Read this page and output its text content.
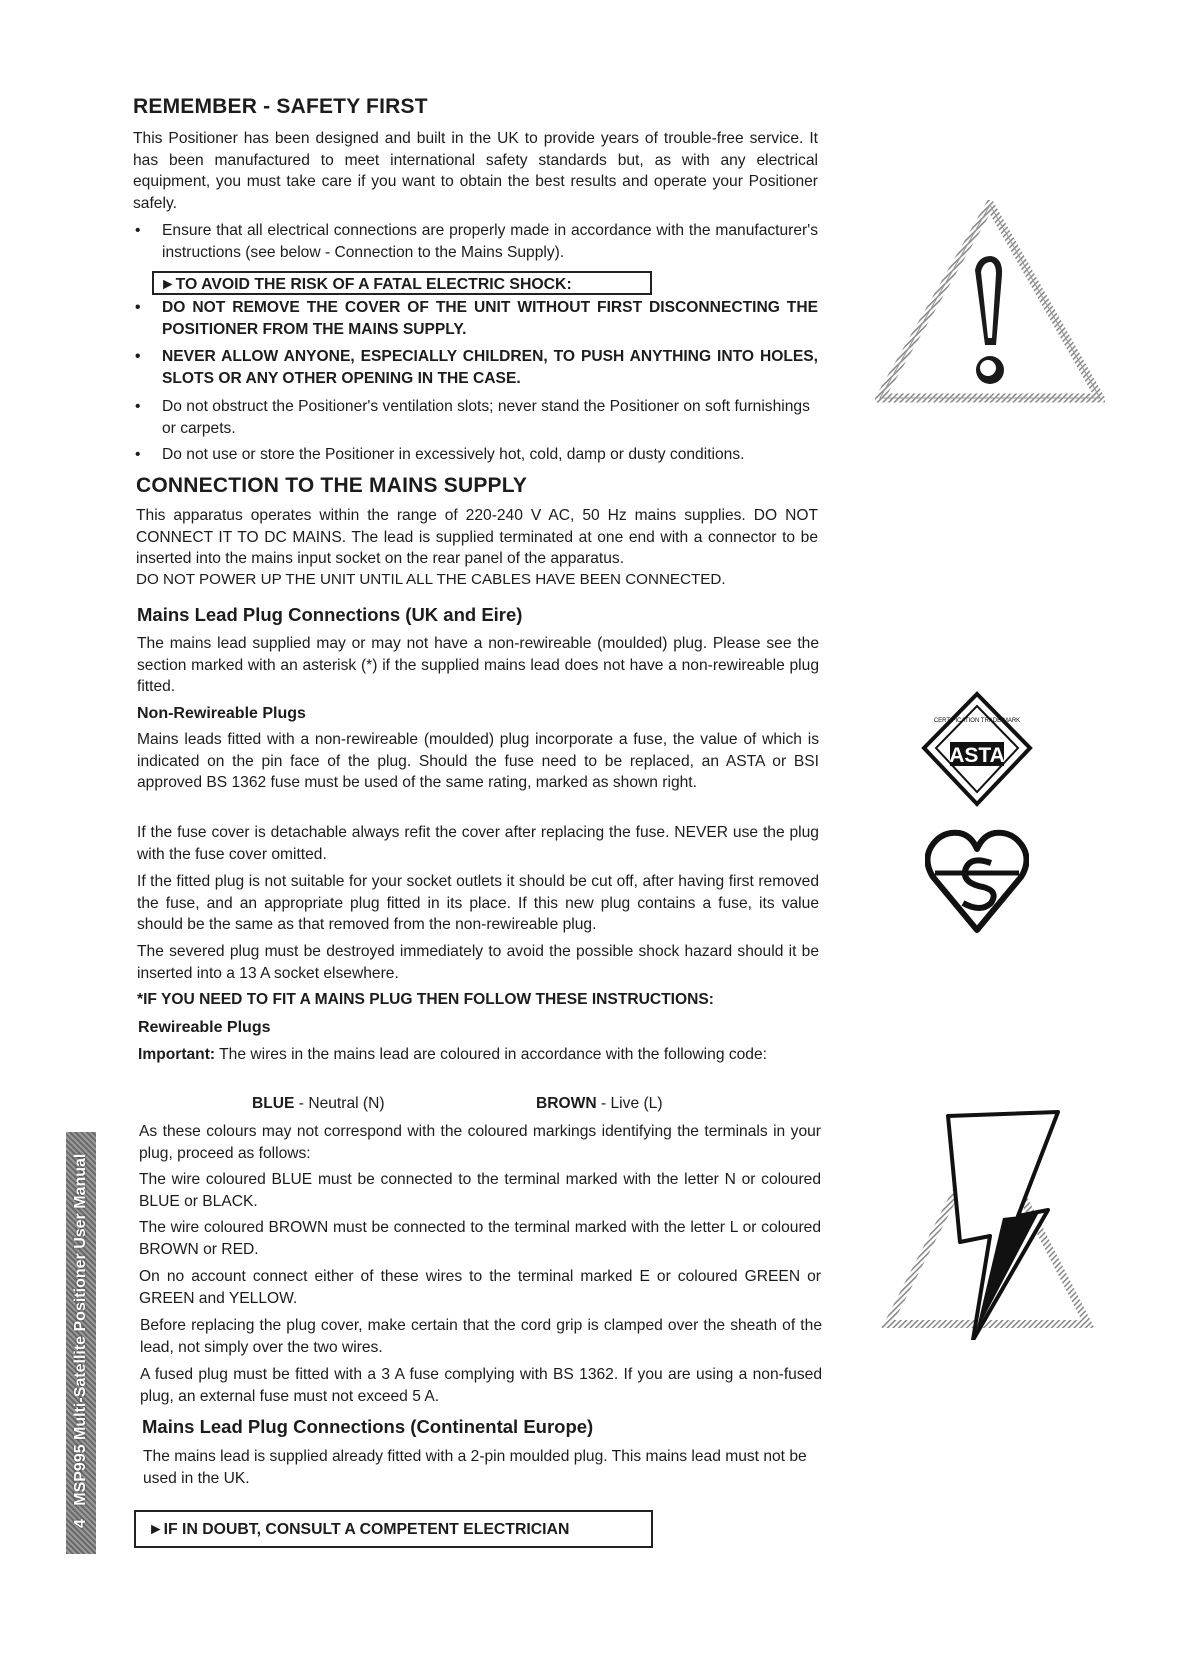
4   MSP995 Multi-Satellite Positioner User Manual
REMEMBER - SAFETY FIRST

This Positioner has been designed and built in the UK to provide years of trouble-free service. It has been manufactured to meet international safety standards but, as with any electrical equipment, you must take care if you want to obtain the best results and operate your Positioner safely.

• Ensure that all electrical connections are properly made in accordance with the manufacturer's instructions (see below - Connection to the Mains Supply).
►TO AVOID THE RISK OF A FATAL ELECTRIC SHOCK:
• DO NOT REMOVE THE COVER OF THE UNIT WITHOUT FIRST DISCONNECTING THE POSITIONER FROM THE MAINS SUPPLY.
• NEVER ALLOW ANYONE, ESPECIALLY CHILDREN, TO PUSH ANYTHING INTO HOLES, SLOTS OR ANY OTHER OPENING IN THE CASE.
• Do not obstruct the Positioner's ventilation slots; never stand the Positioner on soft furnishings or carpets.
• Do not use or store the Positioner in excessively hot, cold, damp or dusty conditions.
CONNECTION TO THE MAINS SUPPLY

This apparatus operates within the range of 220-240 V AC, 50 Hz mains supplies. DO NOT CONNECT IT TO DC MAINS. The lead is supplied terminated at one end with a connector to be inserted into the mains input socket on the rear panel of the apparatus.

DO NOT POWER UP THE UNIT UNTIL ALL THE CABLES HAVE BEEN CONNECTED.

Mains Lead Plug Connections (UK and Eire)

The mains lead supplied may or may not have a non-rewireable (moulded) plug. Please see the section marked with an asterisk (*) if the supplied mains lead does not have a non-rewireable plug fitted.

Non-Rewireable Plugs

Mains leads fitted with a non-rewireable (moulded) plug incorporate a fuse, the value of which is indicated on the pin face of the plug. Should the fuse need to be replaced, an ASTA or BSI approved BS 1362 fuse must be used of the same rating, marked as shown right.

If the fuse cover is detachable always refit the cover after replacing the fuse. NEVER use the plug with the fuse cover omitted.

If the fitted plug is not suitable for your socket outlets it should be cut off, after having first removed the fuse, and an appropriate plug fitted in its place. If this new plug contains a fuse, its value should be the same as that removed from the non-rewireable plug.

The severed plug must be destroyed immediately to avoid the possible shock hazard should it be inserted into a 13 A socket elsewhere.

*IF YOU NEED TO FIT A MAINS PLUG THEN FOLLOW THESE INSTRUCTIONS:
Rewireable Plugs

Important: The wires in the mains lead are coloured in accordance with the following code:

BLUE - Neutral (N)	BROWN - Live (L)

As these colours may not correspond with the coloured markings identifying the terminals in your plug, proceed as follows:

The wire coloured BLUE must be connected to the terminal marked with the letter N or coloured BLUE or BLACK.

The wire coloured BROWN must be connected to the terminal marked with the letter L or coloured BROWN or RED.

On no account connect either of these wires to the terminal marked E or coloured GREEN or GREEN and YELLOW.

Before replacing the plug cover, make certain that the cord grip is clamped over the sheath of the lead, not simply over the two wires.

A fused plug must be fitted with a 3 A fuse complying with BS 1362. If you are using a non-fused plug, an external fuse must not exceed 5 A.

Mains Lead Plug Connections (Continental Europe)

The mains lead is supplied already fitted with a 2-pin moulded plug. This mains lead must not be used in the UK.

►IF IN DOUBT, CONSULT A COMPETENT ELECTRICIAN
CERTIFICATION TRADE MARK
ASTA
